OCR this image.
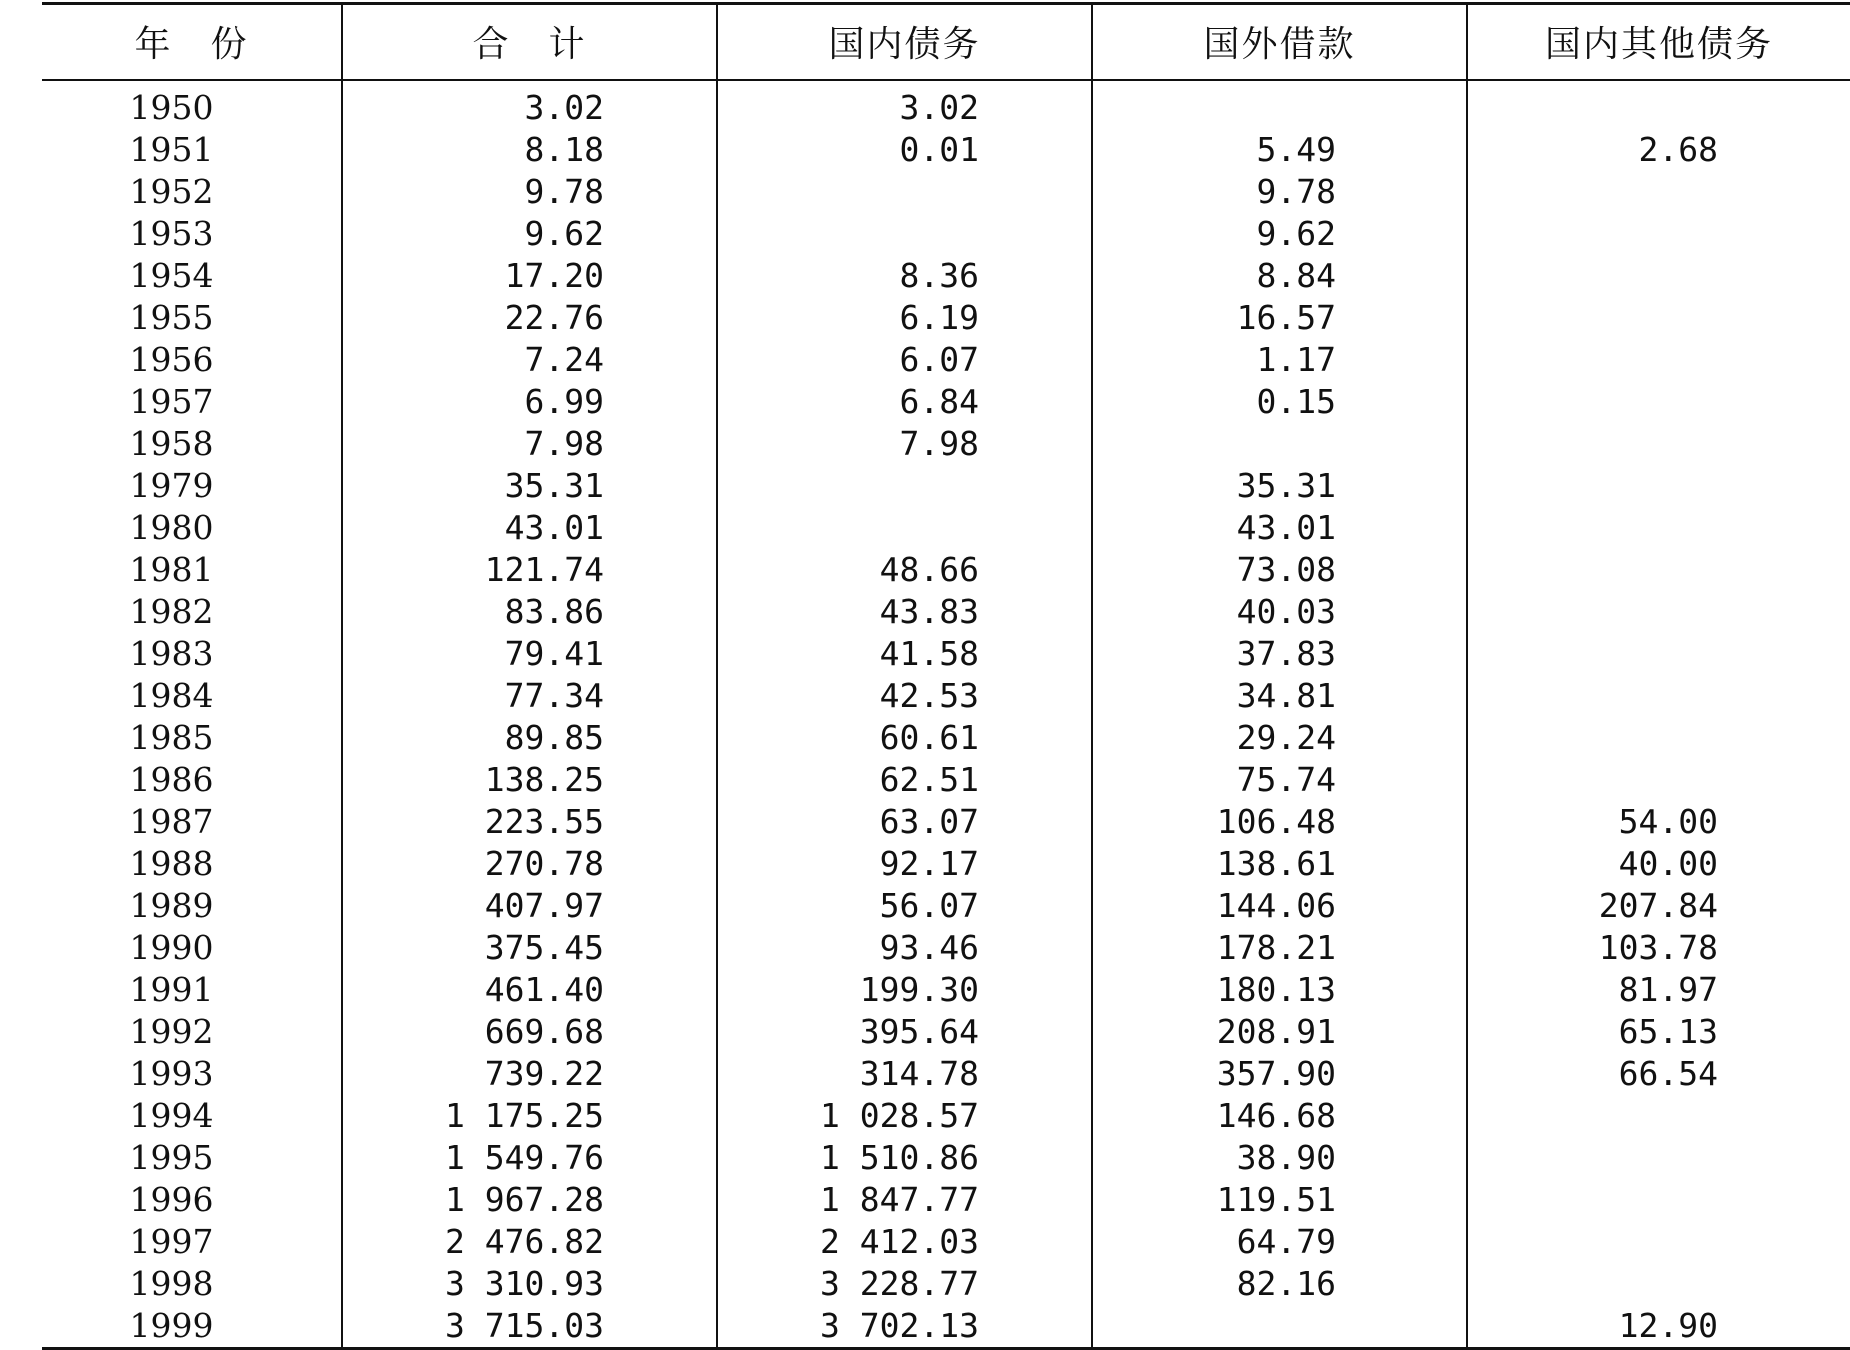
年　份	合　计	国内债务	国外借款	国内其他债务
1950	3.02	3.02		
1951	8.18	0.01	5.49	2.68
1952	9.78		9.78	
1953	9.62		9.62	
1954	17.20	8.36	8.84	
1955	22.76	6.19	16.57	
1956	7.24	6.07	1.17	
1957	6.99	6.84	0.15	
1958	7.98	7.98		
1979	35.31		35.31	
1980	43.01		43.01	
1981	121.74	48.66	73.08	
1982	83.86	43.83	40.03	
1983	79.41	41.58	37.83	
1984	77.34	42.53	34.81	
1985	89.85	60.61	29.24	
1986	138.25	62.51	75.74	
1987	223.55	63.07	106.48	54.00
1988	270.78	92.17	138.61	40.00
1989	407.97	56.07	144.06	207.84
1990	375.45	93.46	178.21	103.78
1991	461.40	199.30	180.13	81.97
1992	669.68	395.64	208.91	65.13
1993	739.22	314.78	357.90	66.54
1994	1 175.25	1 028.57	146.68	
1995	1 549.76	1 510.86	38.90	
1996	1 967.28	1 847.77	119.51	
1997	2 476.82	2 412.03	64.79	
1998	3 310.93	3 228.77	82.16	
1999	3 715.03	3 702.13		12.90
